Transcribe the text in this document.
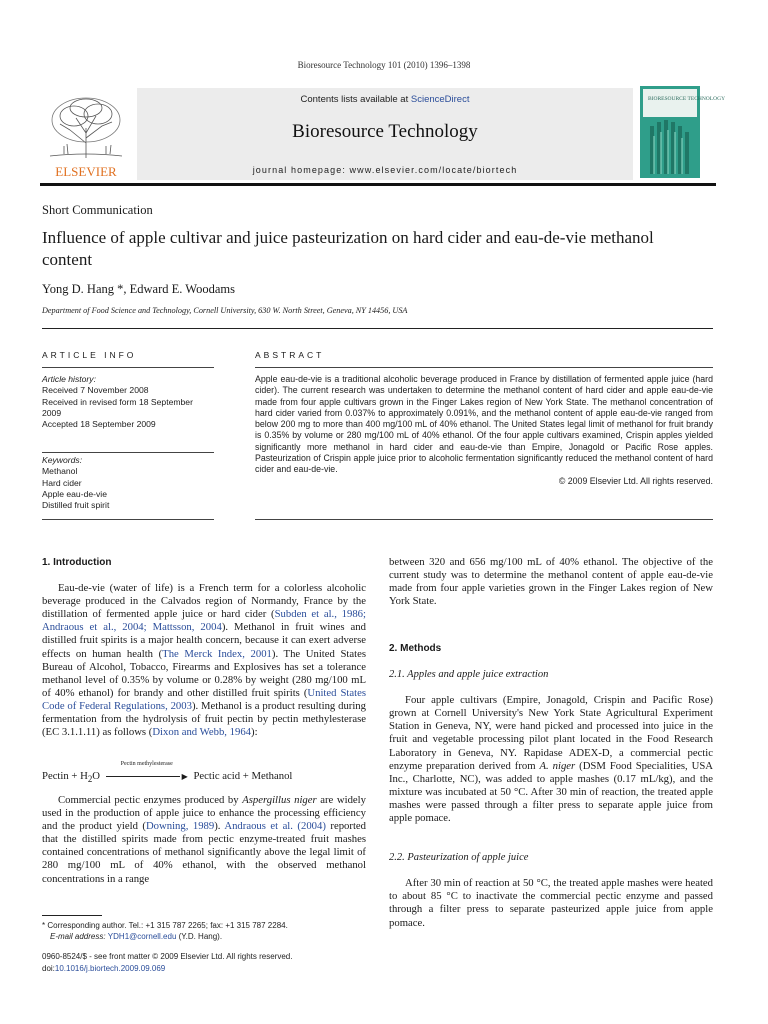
Bioresource Technology 101 (2010) 1396–1398
ELSEVIER
Contents lists available at ScienceDirect
Bioresource Technology
journal homepage: www.elsevier.com/locate/biortech
BIORESOURCE TECHNOLOGY
Short Communication
Influence of apple cultivar and juice pasteurization on hard cider and eau-de-vie methanol content
Yong D. Hang *, Edward E. Woodams
Department of Food Science and Technology, Cornell University, 630 W. North Street, Geneva, NY 14456, USA
ARTICLE INFO	ABSTRACT
Article history:
Received 7 November 2008
Received in revised form 18 September
2009
Accepted 18 September 2009
Keywords:
Methanol
Hard cider
Apple eau-de-vie
Distilled fruit spirit
Apple eau-de-vie is a traditional alcoholic beverage produced in France by distillation of fermented apple juice (hard cider). The current research was undertaken to determine the methanol content of hard cider and apple eau-de-vie made from four apple cultivars grown in the Finger Lakes region of New York State. The methanol concentration of hard cider varied from 0.037% to approximately 0.091%, and the methanol content of apple eau-de-vie ranged from below 200 mg to more than 400 mg/100 mL of 40% ethanol. The United States legal limit of methanol for fruit brandy is 0.35% by volume or 280 mg/100 mL of 40% ethanol. Of the four apple cultivars examined, Crispin apples yielded significantly more methanol in hard cider and eau-de-vie than Empire, Jonagold or Pacific Rose apples. Pasteurization of Crispin apple juice prior to alcoholic fermentation significantly reduced the methanol content of hard cider and eau-de-vie.
© 2009 Elsevier Ltd. All rights reserved.
1. Introduction

Eau-de-vie (water of life) is a French term for a colorless alcoholic beverage produced in the Calvados region of Normandy, France by the distillation of fermented apple juice or hard cider (Subden et al., 1986; Andraous et al., 2004; Mattsson, 2004). Methanol in fruit wines and distilled fruit spirits is a major health concern, because it can exert adverse effects on human health (The Merck Index, 2001). The United States Bureau of Alcohol, Tobacco, Firearms and Explosives has set a tolerance methanol level of 0.35% by volume or 0.28% by weight (280 mg/100 mL of 40% ethanol) for brandy and other distilled fruit spirits (United States Code of Federal Regulations, 2003). Methanol is a product resulting during fermentation from the hydrolysis of fruit pectin by pectin methylesterase (EC 3.1.1.11) as follows (Dixon and Webb, 1964):

Pectin + $H_2O$
Pectin methylesterase
▶ Pectic acid + Methanol

Commercial pectic enzymes produced by Aspergillus niger are widely used in the production of apple juice to enhance the processing efficiency and the product yield (Downing, 1989). Andraous et al. (2004) reported that the distilled spirits made from pectic enzyme-treated fruit mashes contained concentrations of methanol significantly above the legal limit of 280 mg/100 mL of 40% ethanol, with the observed methanol concentrations in a range

* Corresponding author. Tel.: +1 315 787 2265; fax: +1 315 787 2284.
E-mail address: YDH1@cornell.edu (Y.D. Hang).
0960-8524/$ - see front matter © 2009 Elsevier Ltd. All rights reserved.
doi:10.1016/j.biortech.2009.09.069

between 320 and 656 mg/100 mL of 40% ethanol. The objective of the current study was to determine the methanol content of apple eau-de-vie made from four apple varieties grown in the Finger Lakes region of New York State.

2. Methods
2.1. Apples and apple juice extraction

Four apple cultivars (Empire, Jonagold, Crispin and Pacific Rose) grown at Cornell University's New York State Agricultural Experiment Station in Geneva, NY, were hand picked and processed into juice in the fruit and vegetable processing pilot plant located in the Food Research Laboratory in Geneva, NY. Rapidase ADEX-D, a commercial pectic enzyme preparation derived from A. niger (DSM Food Specialities, USA Inc., Charlotte, NC), was added to apple mashes (0.17 mL/kg), and the mixture was incubated at 50 °C. After 30 min of reaction, the treated apple mashes were passed through a filter press to separate apple juice from apple pomace.

2.2. Pasteurization of apple juice

After 30 min of reaction at 50 °C, the treated apple mashes were heated to about 85 °C to inactivate the commercial pectic enzyme and passed through a filter press to separate pasteurized apple juice from apple pomace.
